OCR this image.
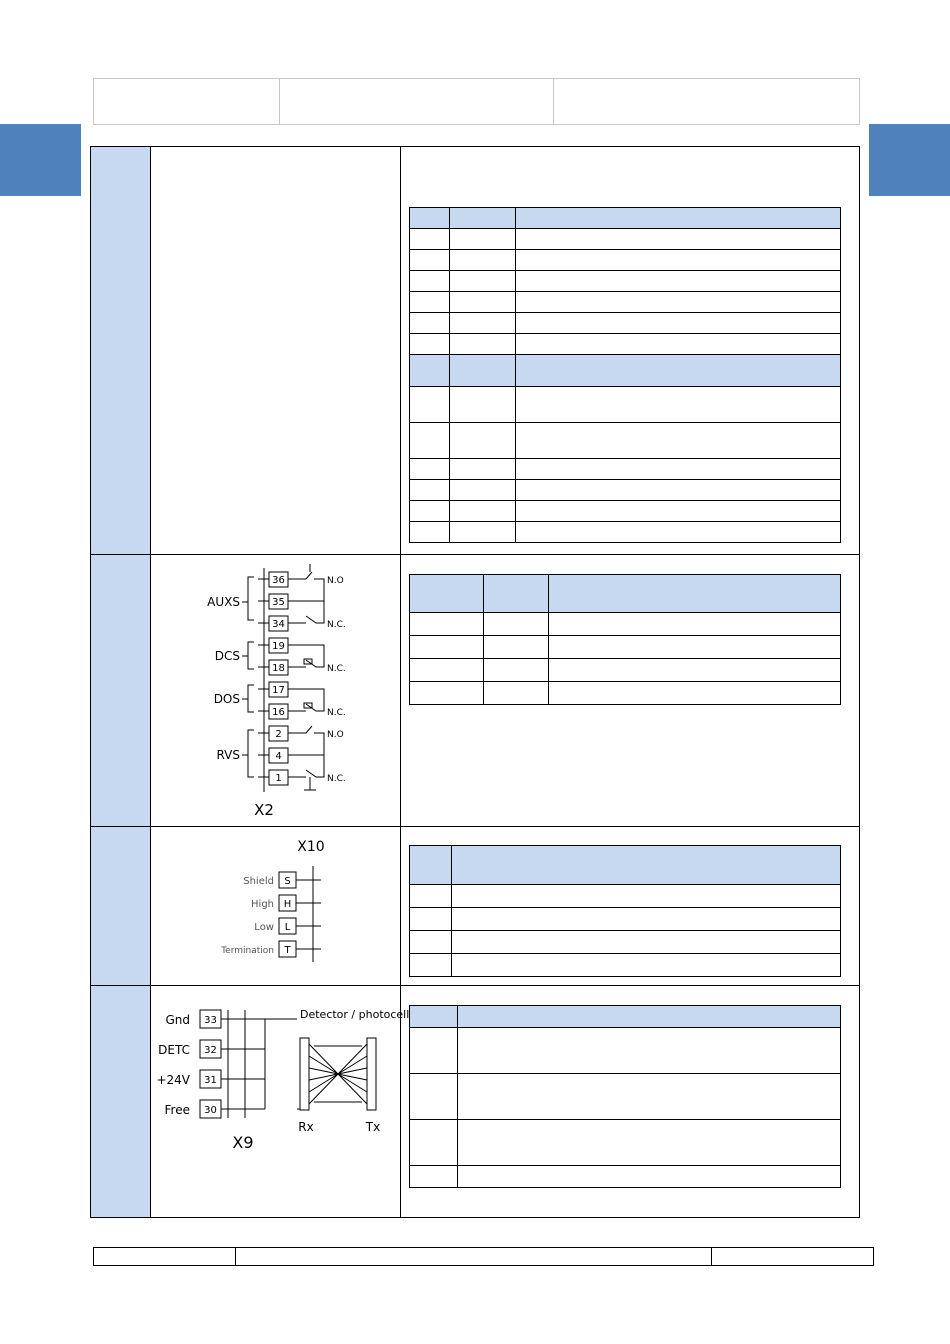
AUXS
DCS
DOS
RVS
36
35
34
19
18
17
16
2
4
1
N.O
N.C.
N.C.
N.C.
N.O
N.C.
X2
X10
Shield
High
Low
Termination
S
H
L
T
Gnd
DETC
+24V
Free
Detector / photocell
Rx	Tx
33
32
31
30
X9
